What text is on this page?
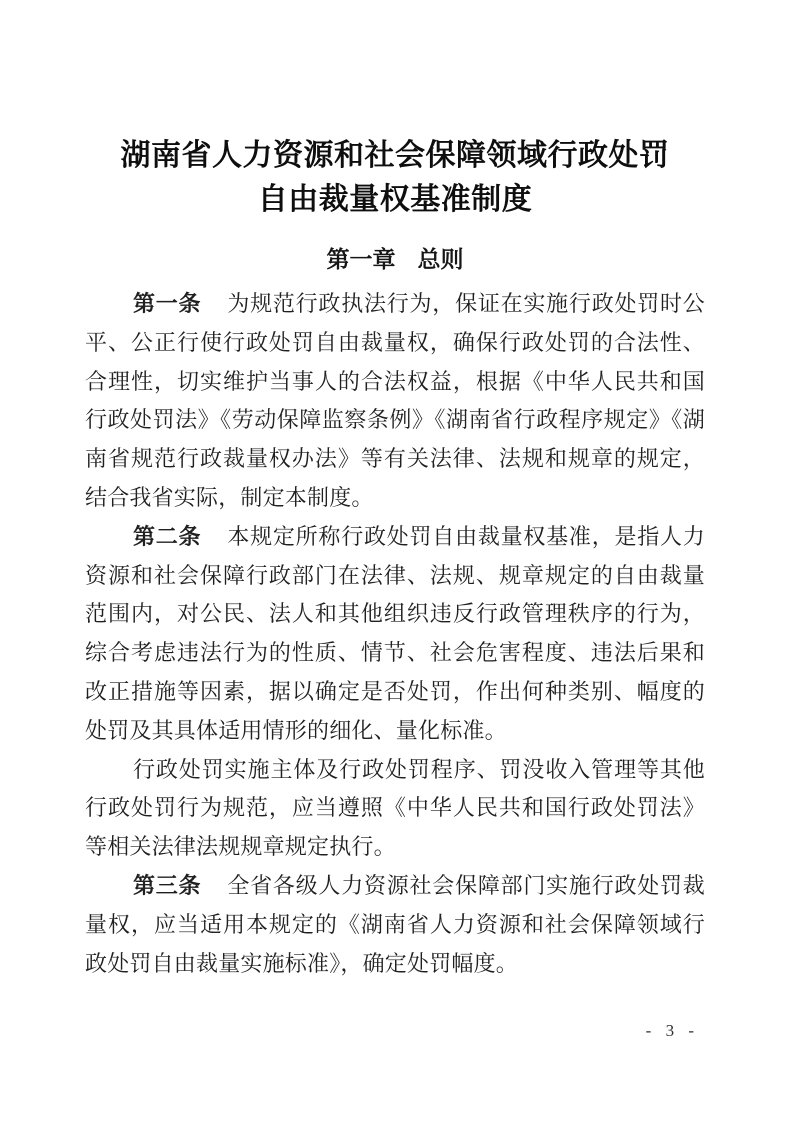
湖南省人力资源和社会保障领域行政处罚
自由裁量权基准制度
第一章 总则

第一条 为规范行政执法行为，保证在实施行政处罚时公平、公正行使行政处罚自由裁量权，确保行政处罚的合法性、合理性，切实维护当事人的合法权益，根据《中华人民共和国行政处罚法》《劳动保障监察条例》《湖南省行政程序规定》《湖南省规范行政裁量权办法》等有关法律、法规和规章的规定，结合我省实际，制定本制度。

第二条 本规定所称行政处罚自由裁量权基准，是指人力资源和社会保障行政部门在法律、法规、规章规定的自由裁量范围内，对公民、法人和其他组织违反行政管理秩序的行为，综合考虑违法行为的性质、情节、社会危害程度、违法后果和改正措施等因素，据以确定是否处罚，作出何种类别、幅度的处罚及其具体适用情形的细化、量化标准。

行政处罚实施主体及行政处罚程序、罚没收入管理等其他行政处罚行为规范，应当遵照《中华人民共和国行政处罚法》等相关法律法规规章规定执行。

第三条 全省各级人力资源社会保障部门实施行政处罚裁量权，应当适用本规定的《湖南省人力资源和社会保障领域行政处罚自由裁量实施标准》，确定处罚幅度。

- 3 -
